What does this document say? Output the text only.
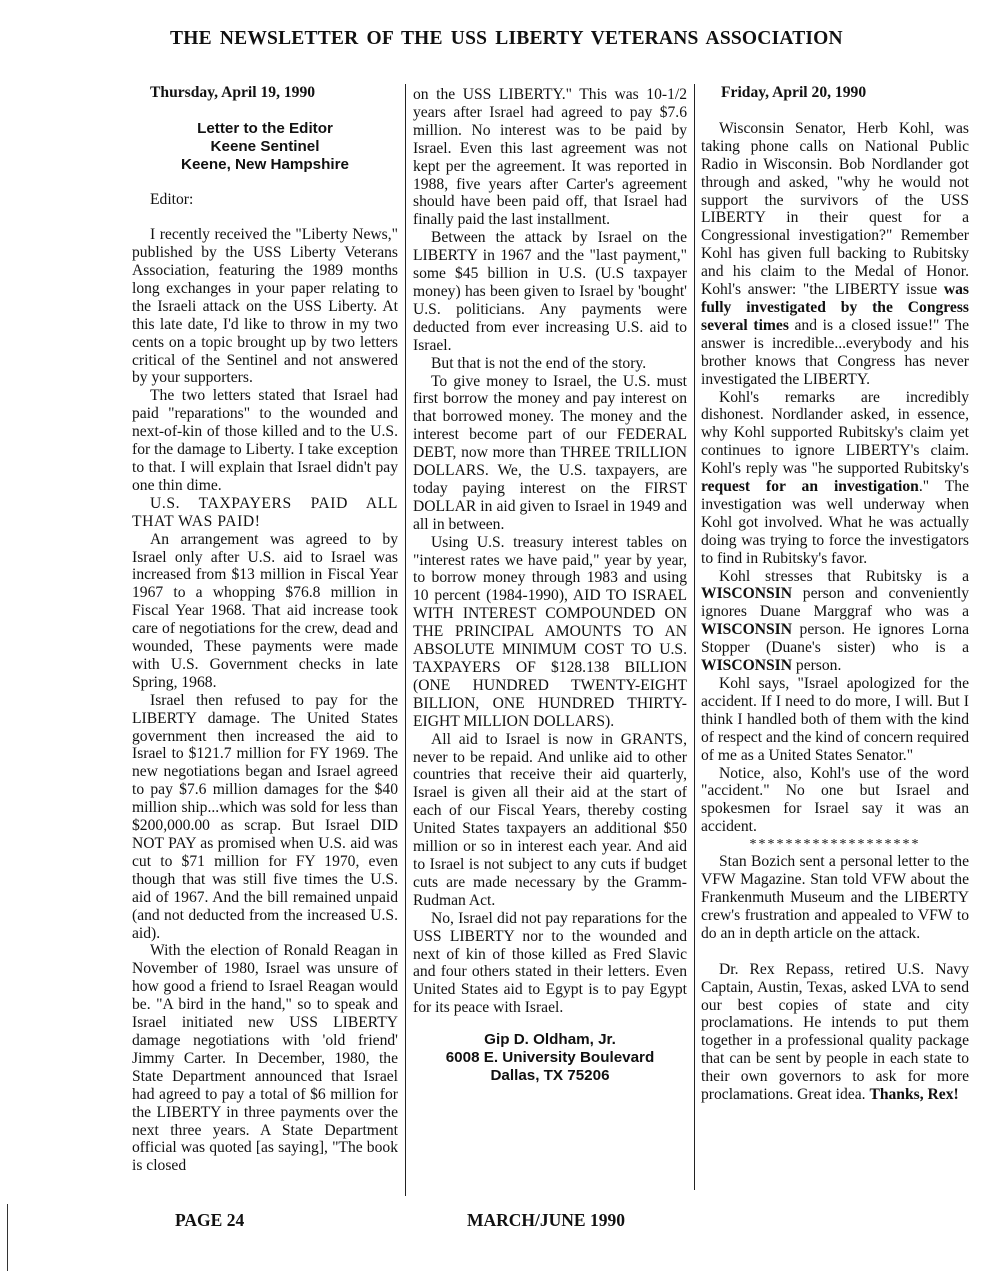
THE NEWSLETTER OF THE USS LIBERTY VETERANS ASSOCIATION
Thursday, April 19, 1990
Letter to the Editor
Keene Sentinel
Keene, New Hampshire
Editor:

I recently received the "Liberty News," published by the USS Liberty Veterans Association, featuring the 1989 months long exchanges in your paper relating to the Israeli attack on the USS Liberty. At this late date, I'd like to throw in my two cents on a topic brought up by two letters critical of the Sentinel and not answered by your supporters.

The two letters stated that Israel had paid "reparations" to the wounded and next-of-kin of those killed and to the U.S. for the damage to Liberty. I take exception to that. I will explain that Israel didn't pay one thin dime.

U.S. TAXPAYERS PAID ALL THAT WAS PAID!

An arrangement was agreed to by Israel only after U.S. aid to Israel was increased from $13 million in Fiscal Year 1967 to a whopping $76.8 million in Fiscal Year 1968. That aid increase took care of negotiations for the crew, dead and wounded, These payments were made with U.S. Government checks in late Spring, 1968.

Israel then refused to pay for the LIBERTY damage. The United States government then increased the aid to Israel to $121.7 million for FY 1969. The new negotiations began and Israel agreed to pay $7.6 million damages for the $40 million ship...which was sold for less than $200,000.00 as scrap. But Israel DID NOT PAY as promised when U.S. aid was cut to $71 million for FY 1970, even though that was still five times the U.S. aid of 1967. And the bill remained unpaid (and not deducted from the increased U.S. aid).

With the election of Ronald Reagan in November of 1980, Israel was unsure of how good a friend to Israel Reagan would be. "A bird in the hand," so to speak and Israel initiated new USS LIBERTY damage negotiations with 'old friend' Jimmy Carter. In December, 1980, the State Department announced that Israel had agreed to pay a total of $6 million for the LIBERTY in three payments over the next three years. A State Department official was quoted [as saying], "The book is closed

on the USS LIBERTY." This was 10-1/2 years after Israel had agreed to pay $7.6 million. No interest was to be paid by Israel. Even this last agreement was not kept per the agreement. It was reported in 1988, five years after Carter's agreement should have been paid off, that Israel had finally paid the last installment.

Between the attack by Israel on the LIBERTY in 1967 and the "last payment," some $45 billion in U.S. (U.S taxpayer money) has been given to Israel by 'bought' U.S. politicians. Any payments were deducted from ever increasing U.S. aid to Israel.

But that is not the end of the story.

To give money to Israel, the U.S. must first borrow the money and pay interest on that borrowed money. The money and the interest become part of our FEDERAL DEBT, now more than THREE TRILLION DOLLARS. We, the U.S. taxpayers, are today paying interest on the FIRST DOLLAR in aid given to Israel in 1949 and all in between.

Using U.S. treasury interest tables on "interest rates we have paid," year by year, to borrow money through 1983 and using 10 percent (1984-1990), AID TO ISRAEL WITH INTEREST COMPOUNDED ON THE PRINCIPAL AMOUNTS TO AN ABSOLUTE MINIMUM COST TO U.S. TAXPAYERS OF $128.138 BILLION (ONE HUNDRED TWENTY-EIGHT BILLION, ONE HUNDRED THIRTY-EIGHT MILLION DOLLARS).

All aid to Israel is now in GRANTS, never to be repaid. And unlike aid to other countries that receive their aid quarterly, Israel is given all their aid at the start of each of our Fiscal Years, thereby costing United States taxpayers an additional $50 million or so in interest each year. And aid to Israel is not subject to any cuts if budget cuts are made necessary by the Gramm-Rudman Act.

No, Israel did not pay reparations for the USS LIBERTY nor to the wounded and next of kin of those killed as Fred Slavic and four others stated in their letters. Even United States aid to Egypt is to pay Egypt for its peace with Israel.

Gip D. Oldham, Jr.
6008 E. University Boulevard
Dallas, TX 75206
Friday, April 20, 1990

Wisconsin Senator, Herb Kohl, was taking phone calls on National Public Radio in Wisconsin. Bob Nordlander got through and asked, "why he would not support the survivors of the USS LIBERTY in their quest for a Congressional investigation?" Remember Kohl has given full backing to Rubitsky and his claim to the Medal of Honor. Kohl's answer: "the LIBERTY issue was fully investigated by the Congress several times and is a closed issue!" The answer is incredible...everybody and his brother knows that Congress has never investigated the LIBERTY.

Kohl's remarks are incredibly dishonest. Nordlander asked, in essence, why Kohl supported Rubitsky's claim yet continues to ignore LIBERTY's claim. Kohl's reply was "he supported Rubitsky's request for an investigation." The investigation was well underway when Kohl got involved. What he was actually doing was trying to force the investigators to find in Rubitsky's favor.

Kohl stresses that Rubitsky is a WISCONSIN person and conveniently ignores Duane Marggraf who was a WISCONSIN person. He ignores Lorna Stopper (Duane's sister) who is a WISCONSIN person.

Kohl says, "Israel apologized for the accident. If I need to do more, I will. But I think I handled both of them with the kind of respect and the kind of concern required of me as a United States Senator."

Notice, also, Kohl's use of the word "accident." No one but Israel and spokesmen for Israel say it was an accident.

*******************

Stan Bozich sent a personal letter to the VFW Magazine. Stan told VFW about the Frankenmuth Museum and the LIBERTY crew's frustration and appealed to VFW to do an in depth article on the attack.

Dr. Rex Repass, retired U.S. Navy Captain, Austin, Texas, asked LVA to send our best copies of state and city proclamations. He intends to put them together in a professional quality package that can be sent by people in each state to their own governors to ask for more proclamations. Great idea. Thanks, Rex!

PAGE 24	MARCH/JUNE 1990
